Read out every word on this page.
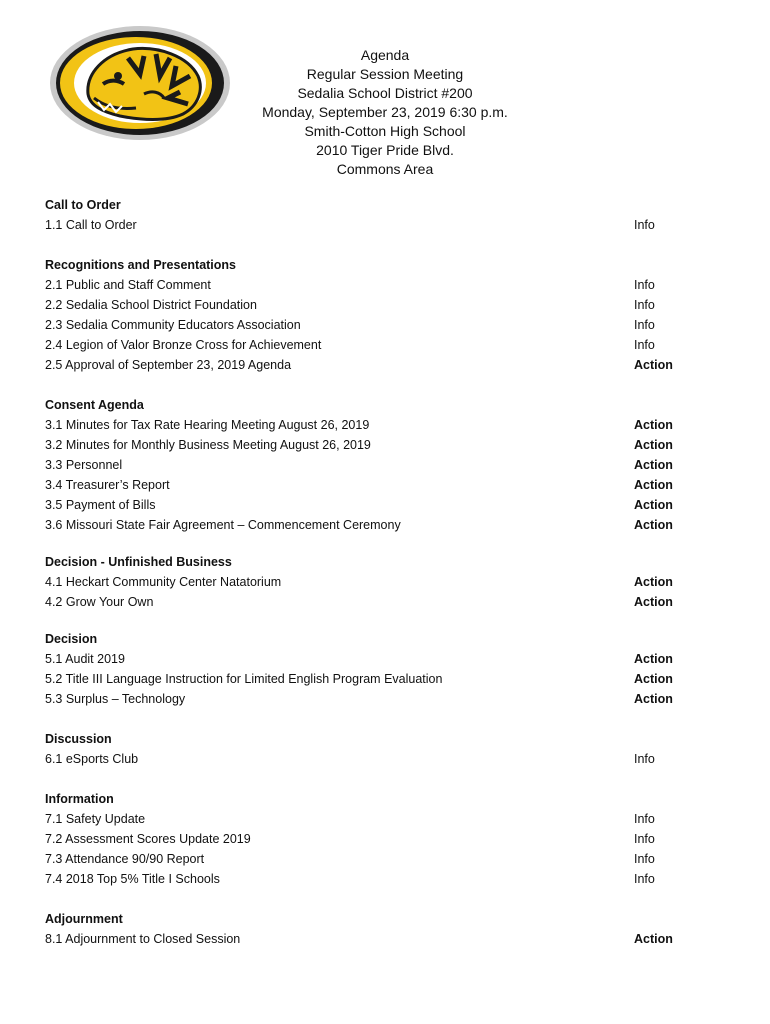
Agenda
Regular Session Meeting
Sedalia School District #200
Monday, September 23, 2019 6:30 p.m.
Smith-Cotton High School
2010 Tiger Pride Blvd.
Commons Area
Call to Order
1.1 Call to Order	Info
Recognitions and Presentations
2.1 Public and Staff Comment	Info
2.2 Sedalia School District Foundation	Info
2.3 Sedalia Community Educators Association	Info
2.4 Legion of Valor Bronze Cross for Achievement	Info
2.5 Approval of September 23, 2019 Agenda	Action
Consent Agenda
3.1 Minutes for Tax Rate Hearing Meeting August 26, 2019	Action
3.2 Minutes for Monthly Business Meeting August 26, 2019	Action
3.3 Personnel	Action
3.4 Treasurer’s Report	Action
3.5 Payment of Bills	Action
3.6 Missouri State Fair Agreement – Commencement Ceremony	Action
Decision - Unfinished Business
4.1 Heckart Community Center Natatorium	Action
4.2 Grow Your Own	Action
Decision
5.1 Audit 2019	Action
5.2 Title III Language Instruction for Limited English Program Evaluation	Action
5.3 Surplus – Technology	Action
Discussion
6.1 eSports Club	Info
Information
7.1 Safety Update	Info
7.2 Assessment Scores Update 2019	Info
7.3 Attendance 90/90 Report	Info
7.4 2018 Top 5% Title I Schools	Info
Adjournment
8.1 Adjournment to Closed Session	Action
